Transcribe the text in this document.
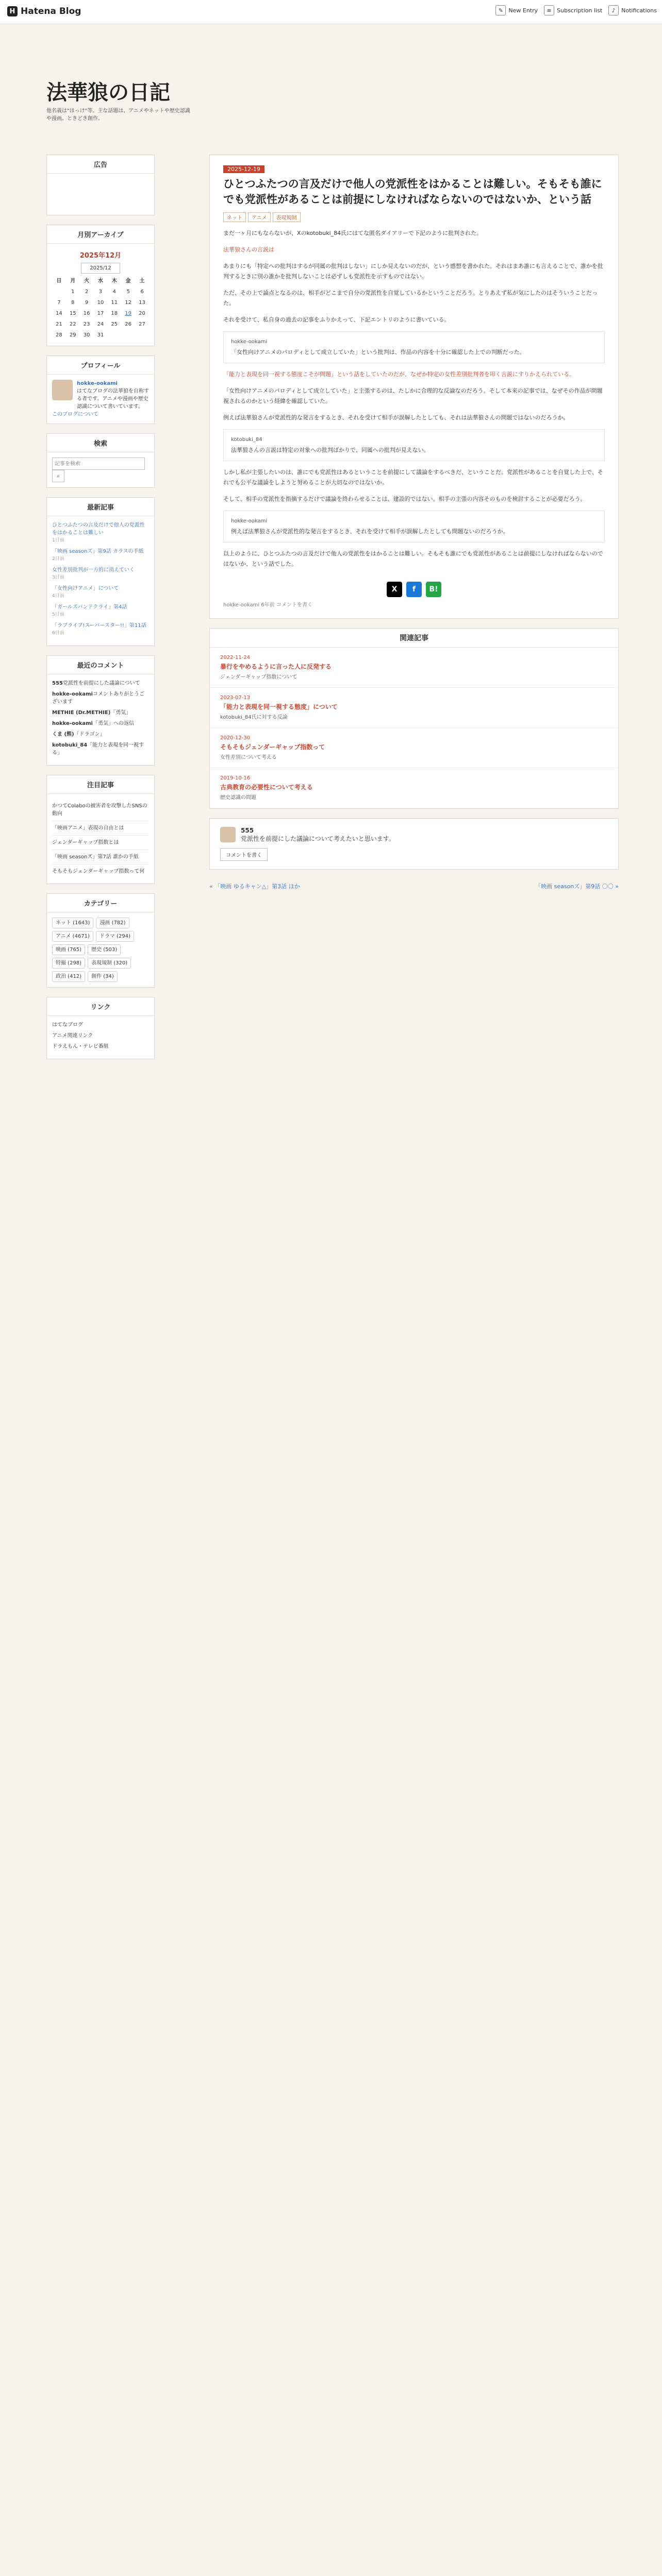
H Hatena Blog	✎ New Entry	≡ Subscription list	♪	Notifications
法華狼の日記
他名義は"ほっけ"等。主な話題は、アニメやネットや歴史認識や漫画。ときどき創作。
広告
月別アーカイブ
2025年12月
2025/12
日	月	火	水	木	金	土
	1	2	3	4	5	6
7	8	9	10	11	12	13
14	15	16	17	18	19	20
21	22	23	24	25	26	27
28	29	30	31			
プロフィール
hokke-ookami
はてなブログの法華狼を自称する者です。アニメや漫画や歴史認識について書いています。
このブログについて
検索
記事を検索 ⌕
最新記事
ひとつふたつの言及だけで他人の党派性をはかることは難しい
1日前
「映画 seasonズ」第9話 カラスの手紙
2日前
女性差別批判が一方的に消えていく
3日前
「女性向けアニメ」について
4日前
「ガールズバンドクライ」第4話
5日前
「ラブライブ!スーパースター!!」第11話
6日前
最近のコメント
555党派性を前提にした議論について
hokke-ookamiコメントありがとうございます
METHIE (Dr.METHIE)「勇気」
hokke-ookami「勇気」への返信
くま (熊)「ドラゴン」
kotobuki_84「能力と表現を同一視する」
注目記事
かつてColaboの被害者を攻撃したSNSの動向
「映画アニメ」表現の自由とは
ジェンダーギャップ指数とは
「映画 seasonズ」第7話 誰かの手紙
そもそもジェンダーギャップ指数って何
カテゴリー
ネット (1643)	漫画 (782)
アニメ (4671)	ドラマ (294)
映画 (765)	歴史 (503)
特撮 (298)	表現規制 (320)
政治 (412)	創作 (34)
リンク
はてなブログ
アニメ関連リンク
ドラえもん・テレビ番組
2025-12-19
ひとつふたつの言及だけで他人の党派性をはかることは難しい。そもそも誰にでも党派性があることは前提にしなければならないのではないか、という話
ネット アニメ 表現規制
まだ一ヶ月にもならないが、Xのkotobuki_84氏にはてな匿名ダイアリーで下記のように批判された。
法華狼さんの言説は
あまりにも「特定への批判はするが同属の批判はしない」にしか見えないのだが、という感想を書かれた。それはまあ誰にも言えることで、誰かを批判するときに別の誰かを批判しないことは必ずしも党派性を示すものではない。
ただ、その上で論点となるのは、相手がどこまで自分の党派性を自覚しているかということだろう。とりあえず私が気にしたのはそういうことだった。
それを受けて、私自身の過去の記事をふりかえって、下記エントリのように書いている。
hokke-ookami
「女性向けアニメのパロディとして成立していた」という批判は、作品の内容を十分に確認した上での判断だった。
「能力と表現を同一視する態度こそが問題」という話をしていたのだが、なぜか特定の女性差別批判者を叩く言説にすりかえられている。
「女性向けアニメのパロディとして成立していた」と主張するのは、たしかに合理的な反論なのだろう。そして本来の記事では、なぜその作品が問題視されるのかという経緯を確認していた。
例えば法華狼さんが党派性的な発言をするとき、それを受けて相手が誤解したとしても、それは法華狼さんの問題ではないのだろうか。
kotobuki_84
法華狼さんの言説は特定の対象への批判ばかりで、同属への批判が見えない。
しかし私が主張したいのは、誰にでも党派性はあるということを前提にして議論をするべきだ、ということだ。党派性があることを自覚した上で、それでも公平な議論をしようと努めることが大切なのではないか。
そして、相手の党派性を指摘するだけで議論を終わらせることは、建設的ではない。相手の主張の内容そのものを検討することが必要だろう。
hokke-ookami
例えば法華狼さんが党派性的な発言をするとき、それを受けて相手が誤解したとしても問題ないのだろうか。
以上のように、ひとつふたつの言及だけで他人の党派性をはかることは難しい。そもそも誰にでも党派性があることは前提にしなければならないのではないか、という話でした。
X	f	B!
hokke-ookami 6年前 コメントを書く
関連記事
2022-11-24
暴行をやめるように言った人に反発する
ジェンダーギャップ指数について
2023-07-13
「能力と表現を同一視する態度」について
kotobuki_84氏に対する反論
2020-12-30
そもそもジェンダーギャップ指数って
女性差別について考える
2019-10-16
古典教育の必要性について考える
歴史認識の問題
555
党派性を前提にした議論について考えたいと思います。
コメントを書く
« 「映画 ゆるキャン△」第3話 ほか	「映画 seasonズ」第9話 〇〇 »
